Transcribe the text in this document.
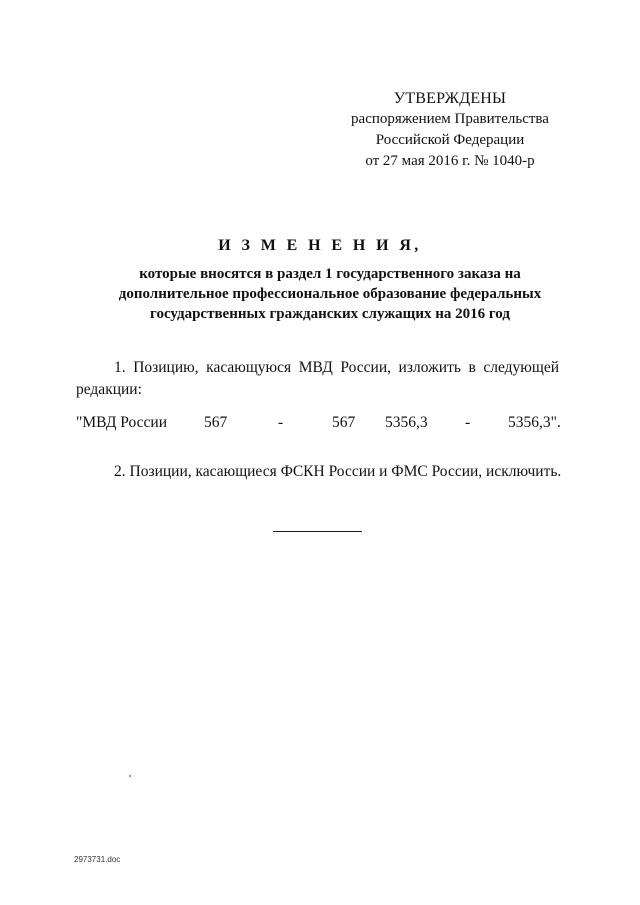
УТВЕРЖДЕНЫ
распоряжением Правительства
Российской Федерации
от 27 мая 2016 г. № 1040-р
И З М Е Н Е Н И Я,
которые вносятся в раздел 1 государственного заказа на
дополнительное профессиональное образование федеральных
государственных гражданских служащих на 2016 год
1. Позицию, касающуюся МВД России, изложить в следующей редакции:
"МВД России 567	-	567 5356,3 - 5356,3".
2. Позиции, касающиеся ФСКН России и ФМС России, исключить.
2973731.doc
